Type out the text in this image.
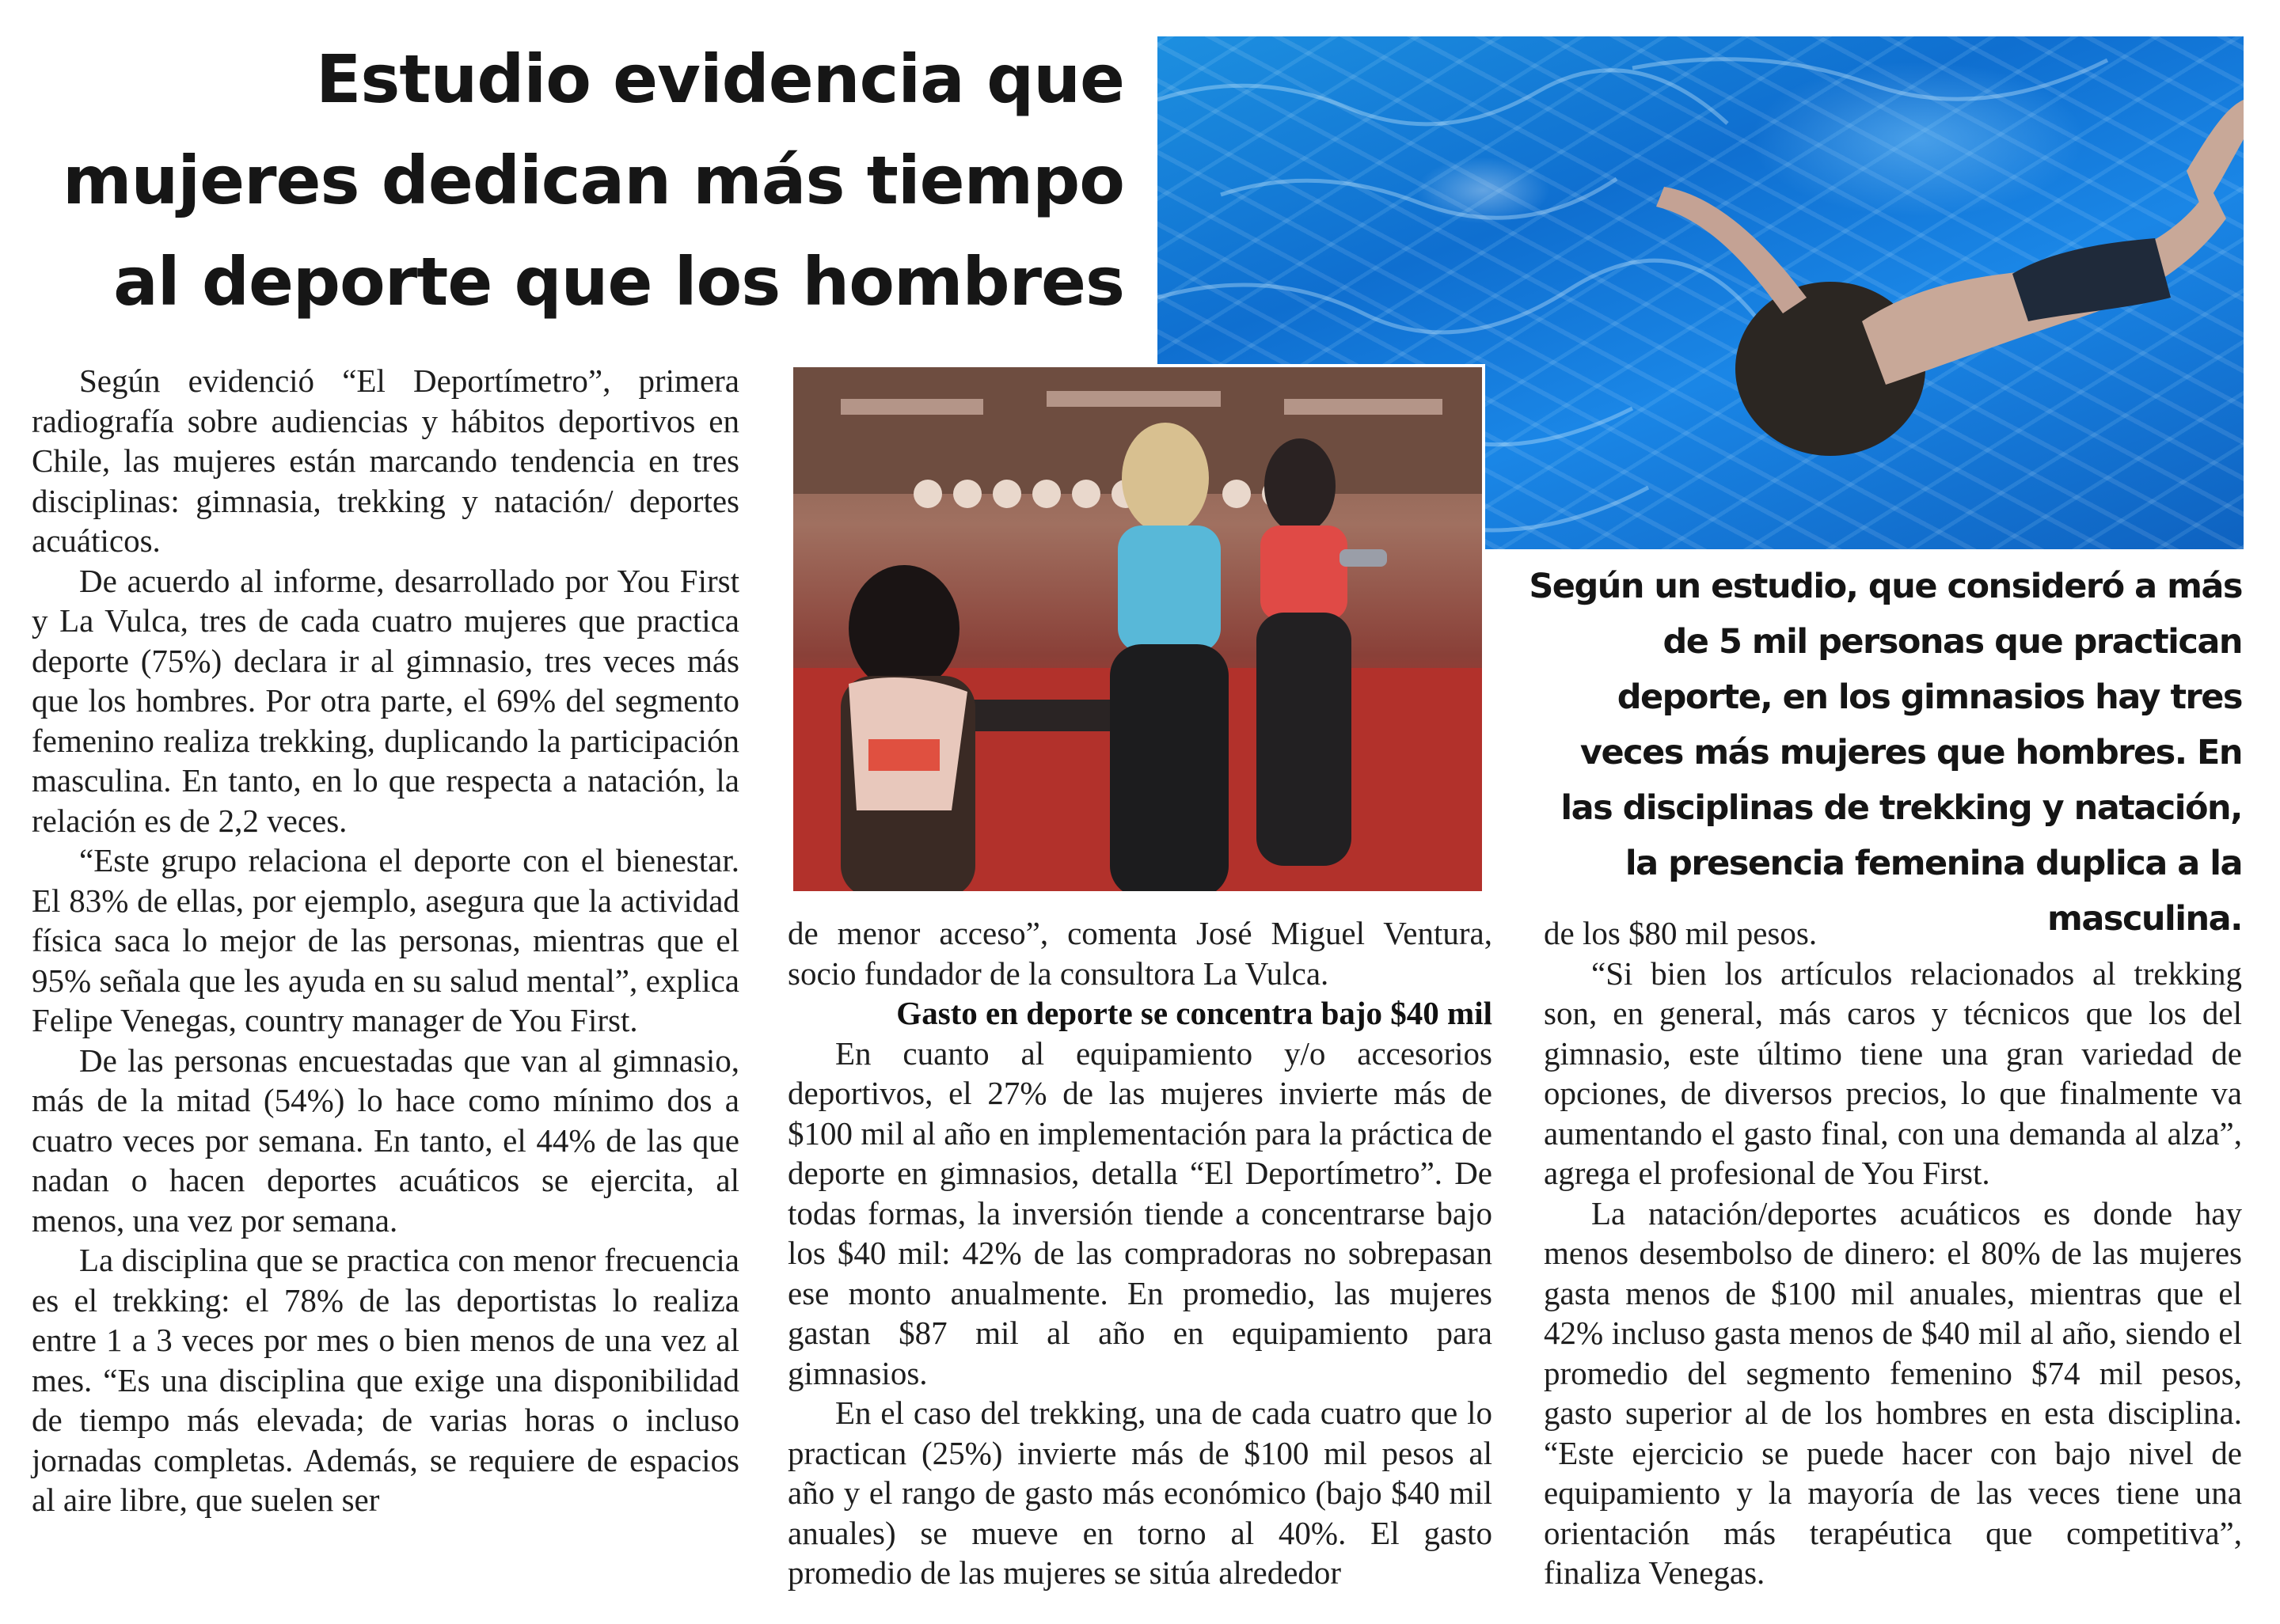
Estudio evidencia que
mujeres dedican más tiempo
al deporte que los hombres

Según un estudio, que consideró a más de 5 mil personas que practican deporte, en los gimnasios hay tres veces más mujeres que hombres. En las disciplinas de trekking y natación, la presencia femenina duplica a la masculina.

Según evidenció “El Deportímetro”, primera radiografía sobre audiencias y hábitos deportivos en Chile, las mujeres están marcando tendencia en tres disciplinas: gimnasia, trekking y natación/ deportes acuáticos.

De acuerdo al informe, desarrollado por You First y La Vulca, tres de cada cuatro mujeres que practica deporte (75%) declara ir al gimnasio, tres veces más que los hombres. Por otra parte, el 69% del segmento femenino realiza trekking, duplicando la participación masculina. En tanto, en lo que respecta a natación, la relación es de 2,2 veces.

“Este grupo relaciona el deporte con el bienestar. El 83% de ellas, por ejemplo, asegura que la actividad física saca lo mejor de las personas, mientras que el 95% señala que les ayuda en su salud mental”, explica Felipe Venegas, country manager de You First.

De las personas encuestadas que van al gimnasio, más de la mitad (54%) lo hace como mínimo dos a cuatro veces por semana. En tanto, el 44% de las que nadan o hacen deportes acuáticos se ejercita, al menos, una vez por semana.

La disciplina que se practica con menor frecuencia es el trekking: el 78% de las deportistas lo realiza entre 1 a 3 veces por mes o bien menos de una vez al mes. “Es una disciplina que exige una disponibilidad de tiempo más elevada; de varias horas o incluso jornadas completas. Además, se requiere de espacios al aire libre, que suelen ser

de menor acceso”, comenta José Miguel Ventura, socio fundador de la consultora La Vulca.

Gasto en deporte se concentra bajo $40 mil

En cuanto al equipamiento y/o accesorios deportivos, el 27% de las mujeres invierte más de $100 mil al año en implementación para la práctica de deporte en gimnasios, detalla “El Deportímetro”. De todas formas, la inversión tiende a concentrarse bajo los $40 mil: 42% de las compradoras no sobrepasan ese monto anualmente. En promedio, las mujeres gastan $87 mil al año en equipamiento para gimnasios.

En el caso del trekking, una de cada cuatro que lo practican (25%) invierte más de $100 mil pesos al año y el rango de gasto más económico (bajo $40 mil anuales) se mueve en torno al 40%. El gasto promedio de las mujeres se sitúa alrededor

de los $80 mil pesos.

“Si bien los artículos relacionados al trekking son, en general, más caros y técnicos que los del gimnasio, este último tiene una gran variedad de opciones, de diversos precios, lo que finalmente va aumentando el gasto final, con una demanda al alza”, agrega el profesional de You First.

La natación/deportes acuáticos es donde hay menos desembolso de dinero: el 80% de las mujeres gasta menos de $100 mil anuales, mientras que el 42% incluso gasta menos de $40 mil al año, siendo el promedio del segmento femenino $74 mil pesos, gasto superior al de los hombres en esta disciplina. “Este ejercicio se puede hacer con bajo nivel de equipamiento y la mayoría de las veces tiene una orientación más terapéutica que competitiva”, finaliza Venegas.
